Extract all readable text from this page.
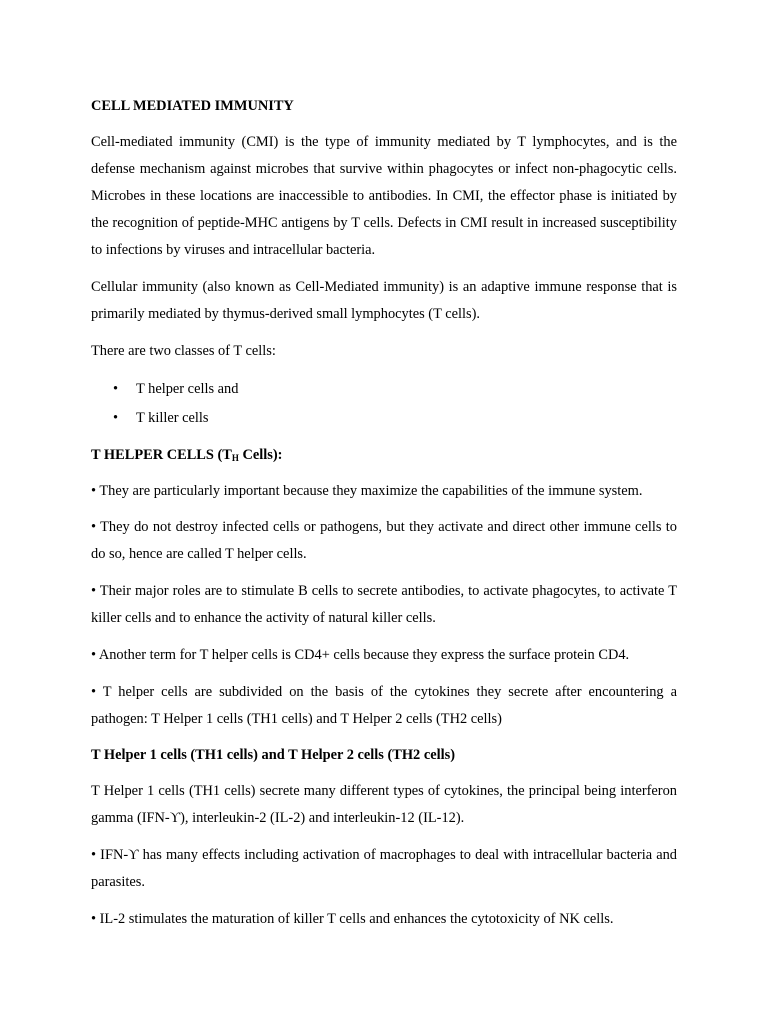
CELL MEDIATED IMMUNITY

Cell-mediated immunity (CMI) is the type of immunity mediated by T lymphocytes, and is the defense mechanism against microbes that survive within phagocytes or infect non-phagocytic cells. Microbes in these locations are inaccessible to antibodies. In CMI, the effector phase is initiated by the recognition of peptide-MHC antigens by T cells. Defects in CMI result in increased susceptibility to infections by viruses and intracellular bacteria.

Cellular immunity (also known as Cell-Mediated immunity) is an adaptive immune response that is primarily mediated by thymus-derived small lymphocytes (T cells).

There are two classes of T cells:

• T helper cells and
• T killer cells

T HELPER CELLS ($T_H$ Cells):

• They are particularly important because they maximize the capabilities of the immune system.

• They do not destroy infected cells or pathogens, but they activate and direct other immune cells to do so, hence are called T helper cells.

• Their major roles are to stimulate B cells to secrete antibodies, to activate phagocytes, to activate T killer cells and to enhance the activity of natural killer cells.

• Another term for T helper cells is CD4+ cells because they express the surface protein CD4.

• T helper cells are subdivided on the basis of the cytokines they secrete after encountering a pathogen: T Helper 1 cells (TH1 cells) and T Helper 2 cells (TH2 cells)

T Helper 1 cells (TH1 cells) and T Helper 2 cells (TH2 cells)

T Helper 1 cells (TH1 cells) secrete many different types of cytokines, the principal being interferon gamma (IFN-ϒ), interleukin-2 (IL-2) and interleukin-12 (IL-12).

• IFN-ϒ has many effects including activation of macrophages to deal with intracellular bacteria and parasites.

• IL-2 stimulates the maturation of killer T cells and enhances the cytotoxicity of NK cells.
